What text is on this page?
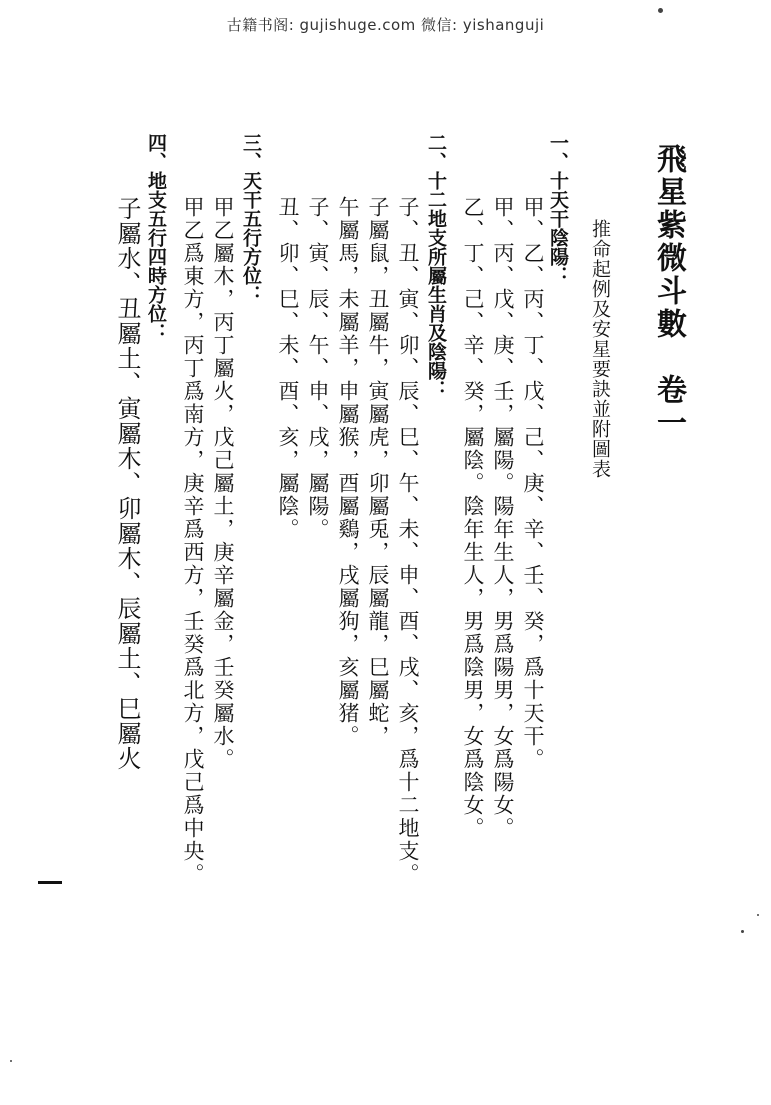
古籍书阁: gujishuge.com 微信: yishanguji
飛星紫微斗數　卷一
推命起例及安星要訣並附圖表
一、十天干陰陽：
甲、乙、丙、丁、戊、己、庚、辛、壬、癸，爲十天干。
甲、丙、戊、庚、壬，屬陽。陽年生人，男爲陽男，女爲陽女。
乙、丁、己、辛、癸，屬陰。陰年生人，男爲陰男，女爲陰女。
二、十二地支所屬生肖及陰陽：
子、丑、寅、卯、辰、巳、午、未、申、酉、戌、亥，爲十二地支。
子屬鼠，丑屬牛，寅屬虎，卯屬兎，辰屬龍，巳屬蛇，
午屬馬，未屬羊，申屬猴，酉屬鷄，戌屬狗，亥屬猪。
子、寅、辰、午、申、戌，屬陽。
丑、卯、巳、未、酉、亥，屬陰。
三、天干五行方位：
甲乙屬木，丙丁屬火，戊己屬土，庚辛屬金，壬癸屬水。
甲乙爲東方，丙丁爲南方，庚辛爲西方，壬癸爲北方，戊己爲中央。
四、地支五行四時方位：
子屬水、丑屬土、寅屬木、卯屬木、辰屬土、巳屬火
